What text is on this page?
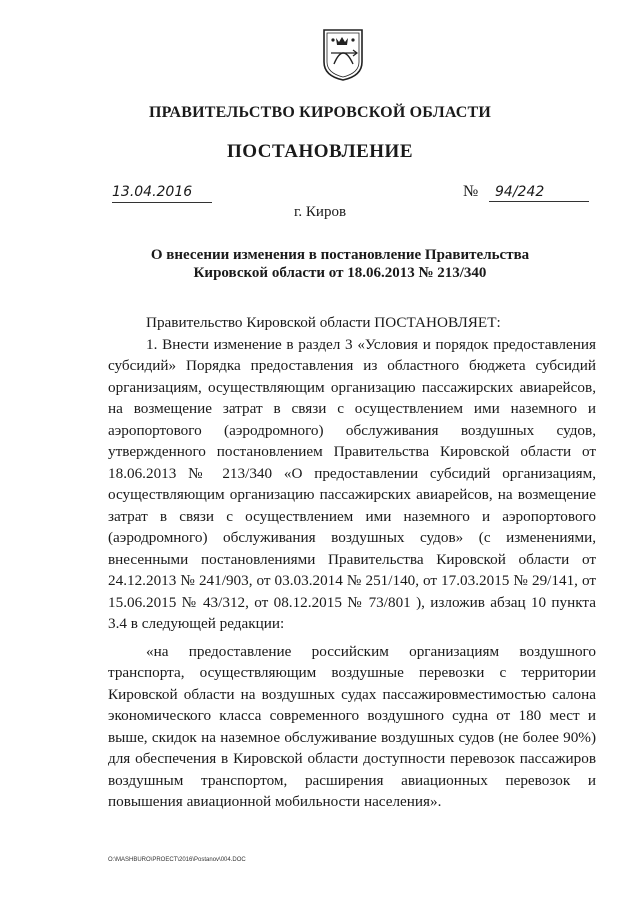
ПРАВИТЕЛЬСТВО КИРОВСКОЙ ОБЛАСТИ
ПОСТАНОВЛЕНИЕ
13.04.2016	№	94/242
г. Киров
О внесении изменения в постановление Правительства
Кировской области от 18.06.2013 № 213/340

Правительство Кировской области ПОСТАНОВЛЯЕТ:

1. Внести изменение в раздел 3 «Условия и порядок предоставления субсидий» Порядка предоставления из областного бюджета субсидий организациям, осуществляющим организацию пассажирских авиарейсов, на возмещение затрат в связи с осуществлением ими наземного и аэропортового (аэродромного) обслуживания воздушных судов, утвержденного постановлением Правительства Кировской области от 18.06.2013 № 213/340 «О предоставлении субсидий организациям, осуществляющим организацию пассажирских авиарейсов, на возмещение затрат в связи с осуществлением ими наземного и аэропортового (аэродромного) обслуживания воздушных судов» (с изменениями, внесенными постановлениями Правительства Кировской области от 24.12.2013 № 241/903, от 03.03.2014 № 251/140, от 17.03.2015 № 29/141, от 15.06.2015 № 43/312, от 08.12.2015 № 73/801 ), изложив абзац 10 пункта 3.4 в следующей редакции:

«на предоставление российским организациям воздушного транспорта, осуществляющим воздушные перевозки с территории Кировской области на воздушных судах пассажировместимостью салона экономического класса современного воздушного судна от 180 мест и выше, скидок на наземное обслуживание воздушных судов (не более 90%) для обеспечения в Кировской области доступности перевозок пассажиров воздушным транспортом, расширения авиационных перевозок и повышения авиационной мобильности населения».

O:\MASHBURO\PROECT\2016\Postanov\004.DOC
